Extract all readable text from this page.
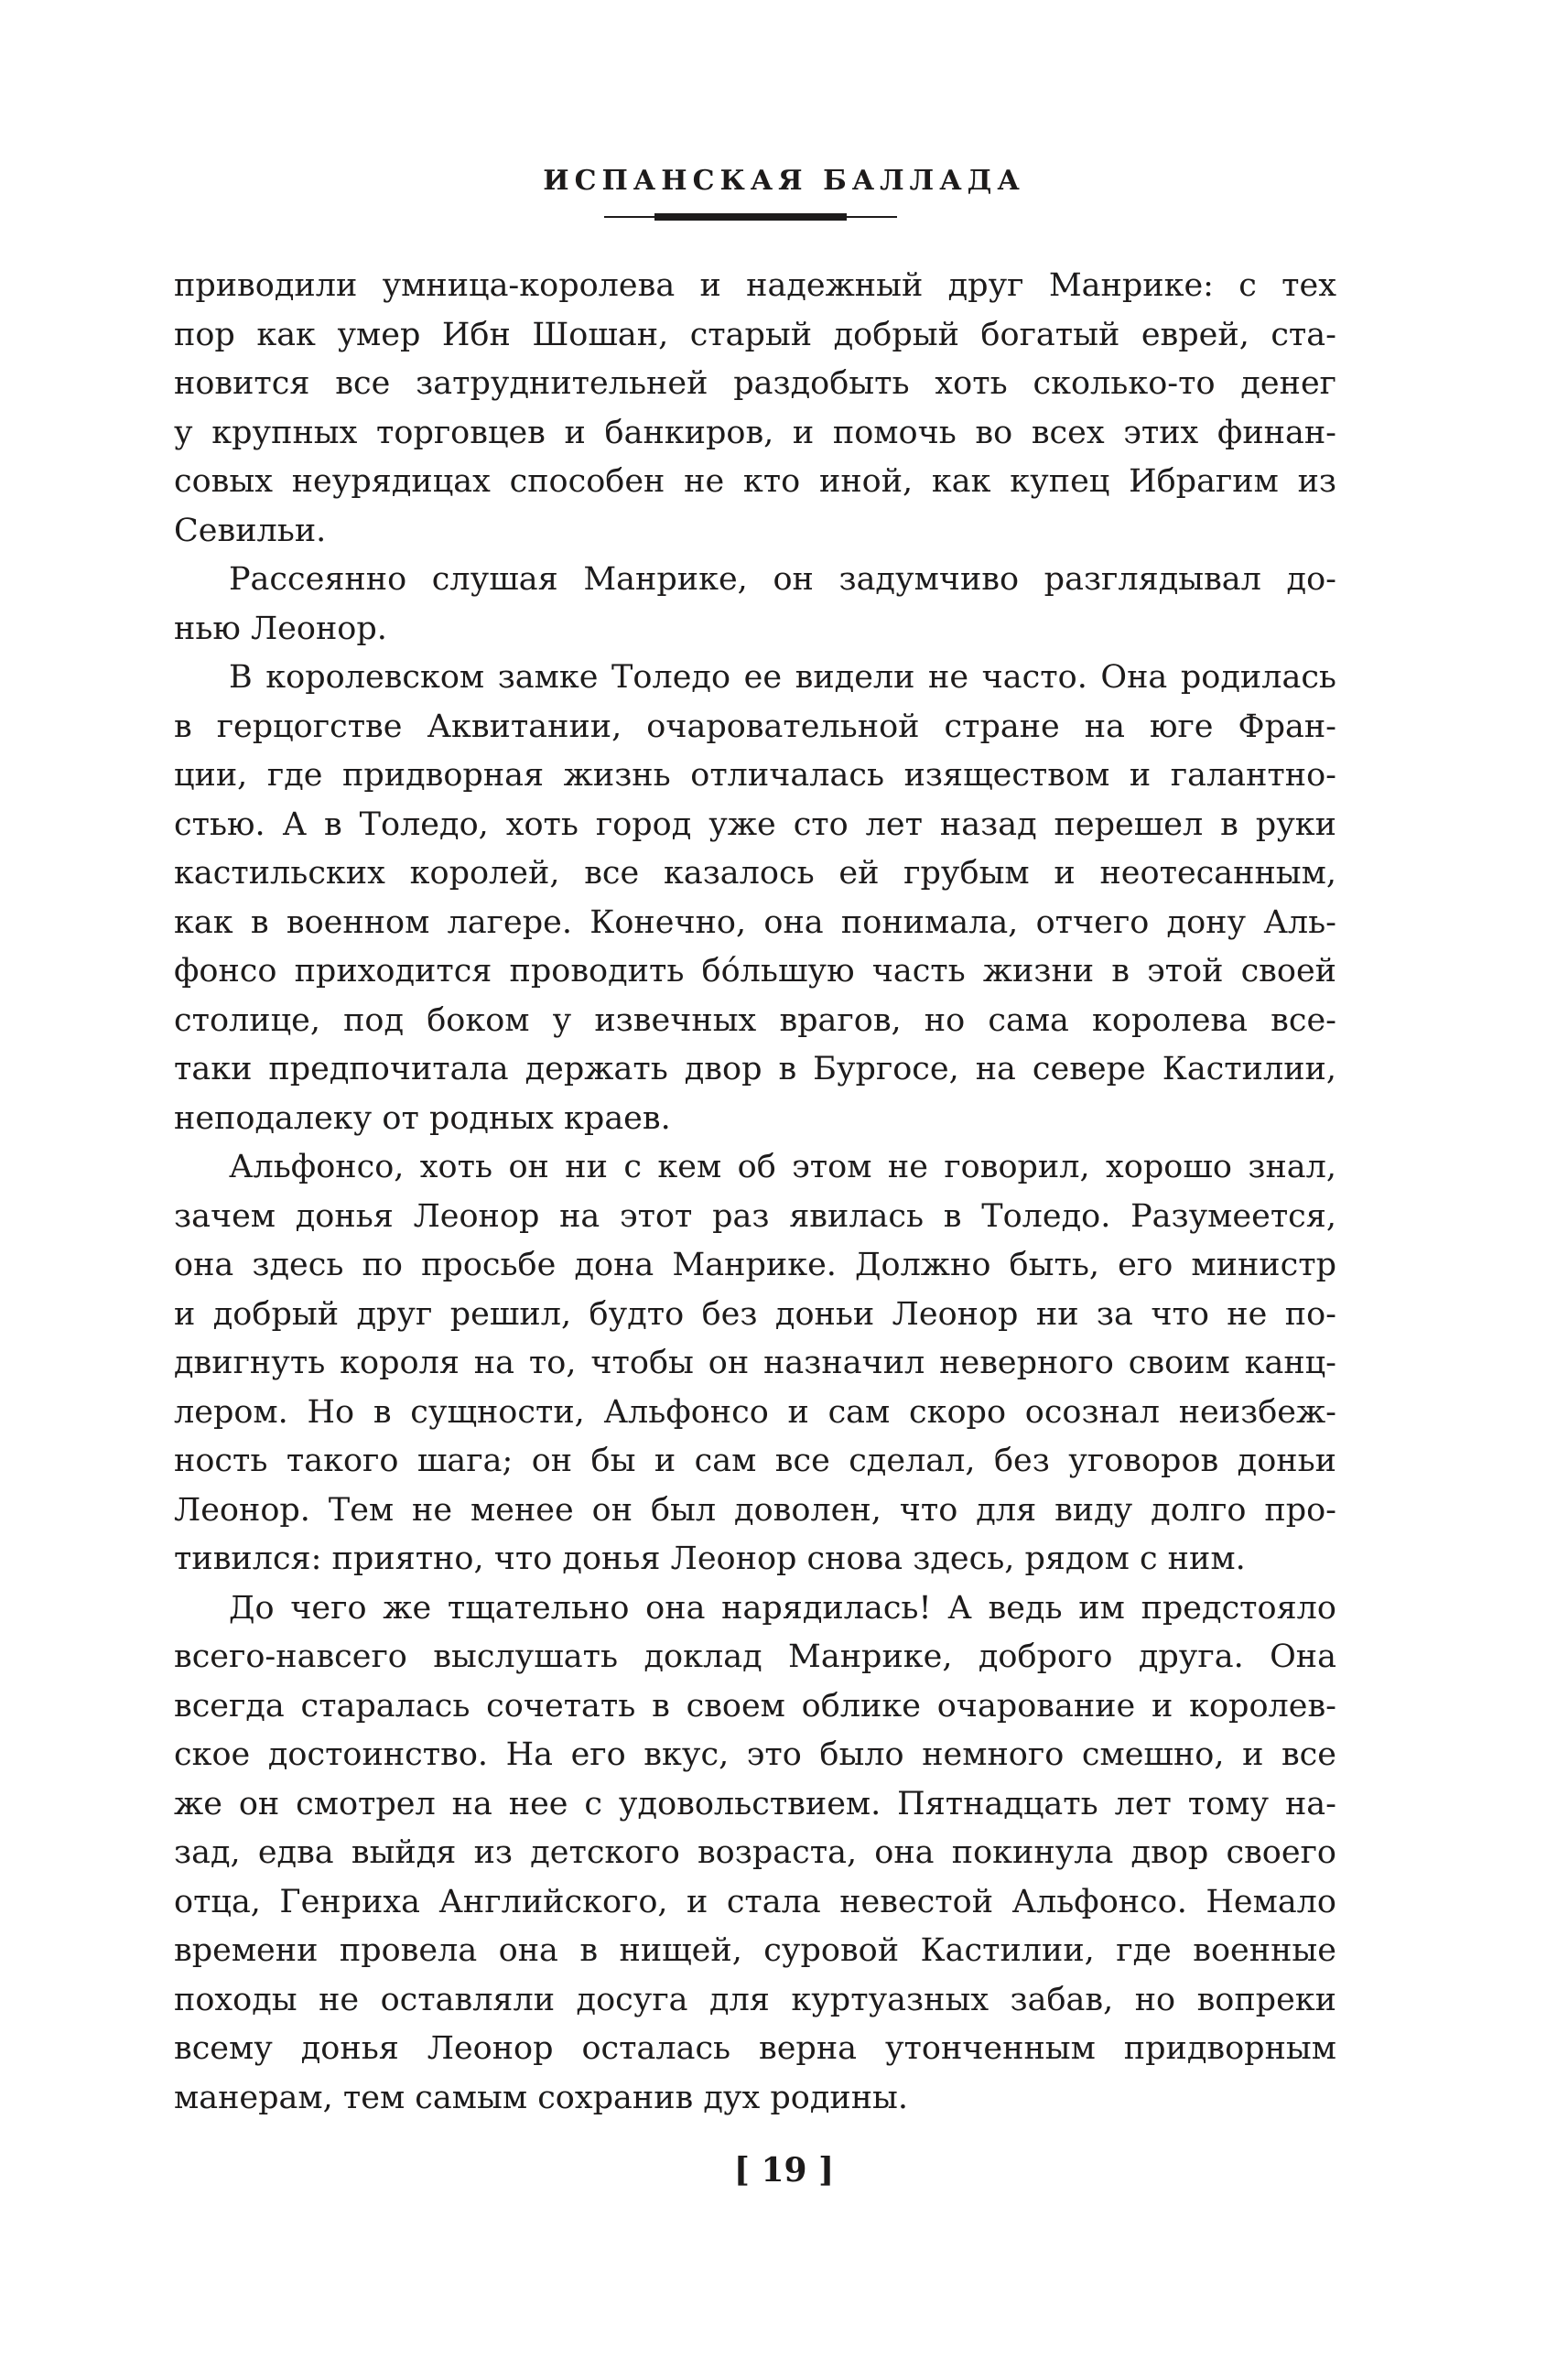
ИСПАНСКАЯ БАЛЛАДА
приводили умница-королева и надежный друг Манрике: с тех
пор как умер Ибн Шошан, старый добрый богатый еврей, ста-
новится все затруднительней раздобыть хоть сколько-то денег
у крупных торговцев и банкиров, и помочь во всех этих финан-
совых неурядицах способен не кто иной, как купец Ибрагим из
Севильи.
Рассеянно слушая Манрике, он задумчиво разглядывал до-
нью Леонор.
В королевском замке Толедо ее видели не часто. Она родилась
в герцогстве Аквитании, очаровательной стране на юге Фран-
ции, где придворная жизнь отличалась изяществом и галантно-
стью. А в Толедо, хоть город уже сто лет назад перешел в руки
кастильских королей, все казалось ей грубым и неотесанным,
как в военном лагере. Конечно, она понимала, отчего дону Аль-
фонсо приходится проводить бóльшую часть жизни в этой своей
столице, под боком у извечных врагов, но сама королева все-
таки предпочитала держать двор в Бургосе, на севере Кастилии,
неподалеку от родных краев.
Альфонсо, хоть он ни с кем об этом не говорил, хорошо знал,
зачем донья Леонор на этот раз явилась в Толедо. Разумеется,
она здесь по просьбе дона Манрике. Должно быть, его министр
и добрый друг решил, будто без доньи Леонор ни за что не по-
двигнуть короля на то, чтобы он назначил неверного своим канц-
лером. Но в сущности, Альфонсо и сам скоро осознал неизбеж-
ность такого шага; он бы и сам все сделал, без уговоров доньи
Леонор. Тем не менее он был доволен, что для виду долго про-
тивился: приятно, что донья Леонор снова здесь, рядом с ним.
До чего же тщательно она нарядилась! А ведь им предстояло
всего-навсего выслушать доклад Манрике, доброго друга. Она
всегда старалась сочетать в своем облике очарование и королев-
ское достоинство. На его вкус, это было немного смешно, и все
же он смотрел на нее с удовольствием. Пятнадцать лет тому на-
зад, едва выйдя из детского возраста, она покинула двор своего
отца, Генриха Английского, и стала невестой Альфонсо. Немало
времени провела она в нищей, суровой Кастилии, где военные
походы не оставляли досуга для куртуазных забав, но вопреки
всему донья Леонор осталась верна утонченным придворным
манерам, тем самым сохранив дух родины.
[ 19 ]
